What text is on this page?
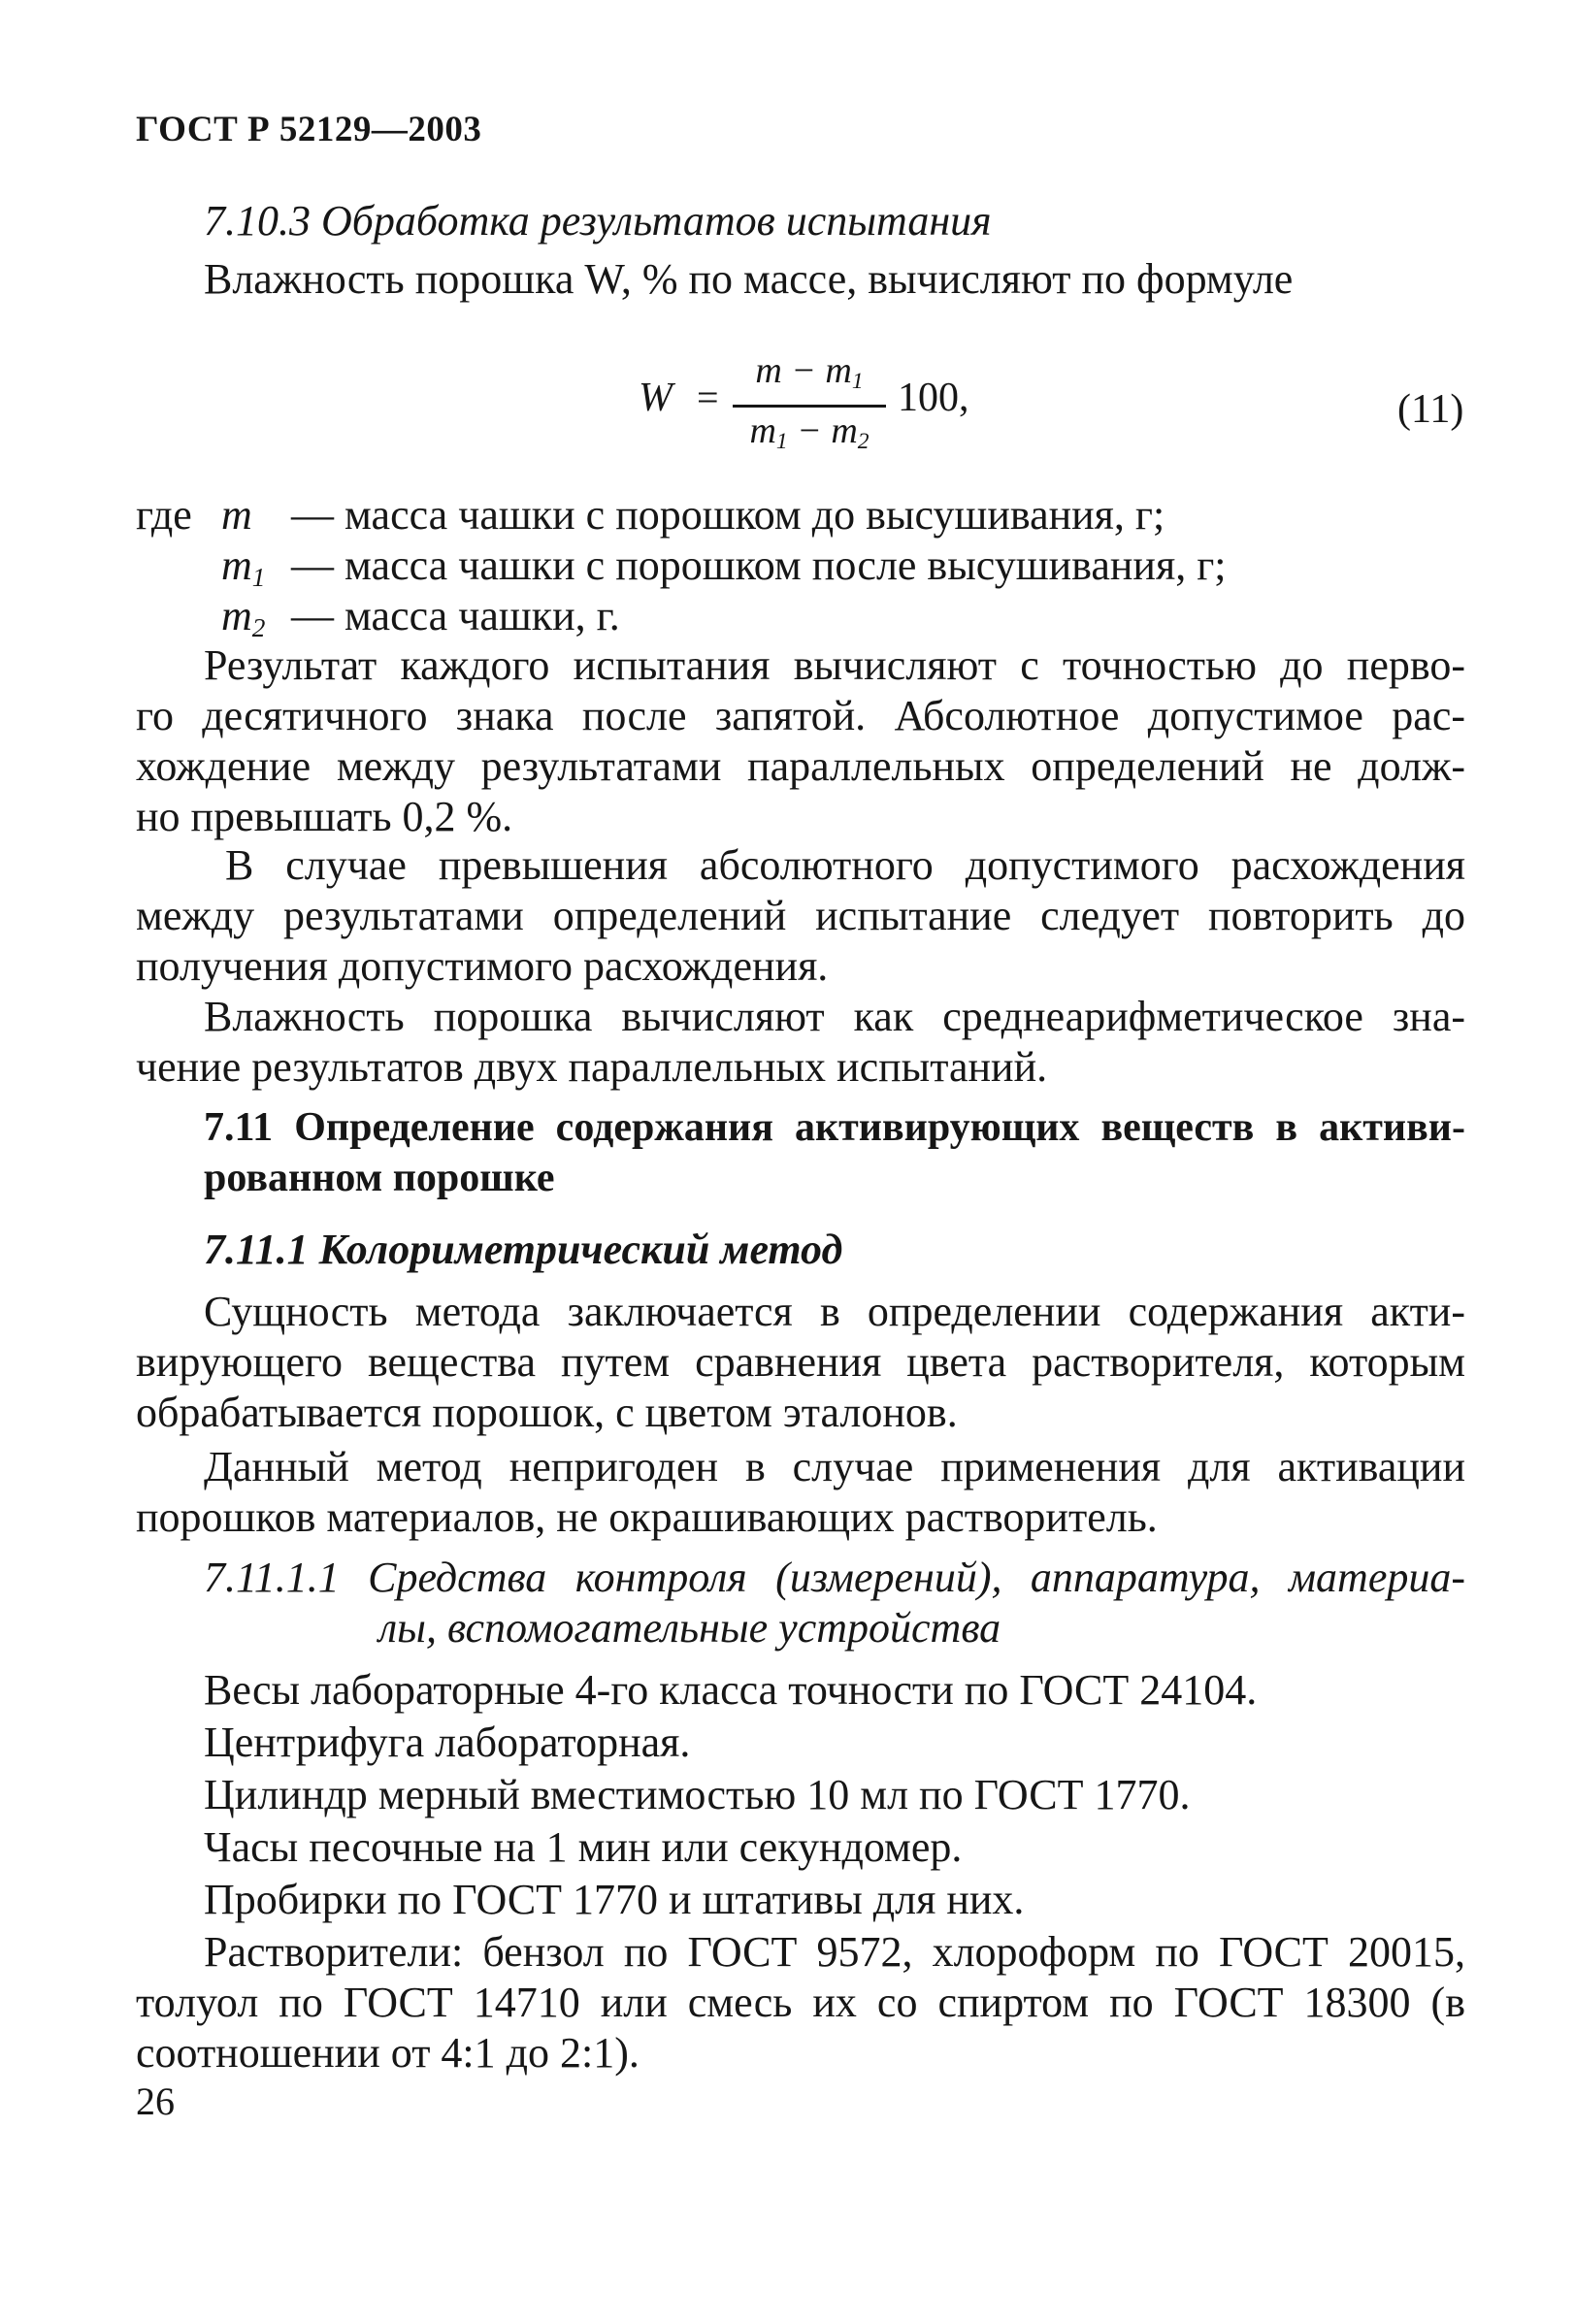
ГОСТ Р 52129—2003
7.10.3 Обработка результатов испытания
Влажность порошка W, % по массе, вычисляют по формуле
W =
$m - m_1$
$m_1 - m_2$
100,	(11)
где m — масса чашки с порошком до высушивания, г;
$m_1$ — масса чашки с порошком после высушивания, г;
$m_2$ — масса чашки, г.
Результат каждого испытания вычисляют с точностью до перво-
го десятичного знака после запятой. Абсолютное допустимое рас-
хождение между результатами параллельных определений не долж-
но превышать 0,2 %.
В случае превышения абсолютного допустимого расхождения
между результатами определений испытание следует повторить до
получения допустимого расхождения.
Влажность порошка вычисляют как среднеарифметическое зна-
чение результатов двух параллельных испытаний.
7.11 Определение содержания активирующих веществ в активи-
рованном порошке
7.11.1 Колориметрический метод
Сущность метода заключается в определении содержания акти-
вирующего вещества путем сравнения цвета растворителя, которым
обрабатывается порошок, с цветом эталонов.
Данный метод непригоден в случае применения для активации
порошков материалов, не окрашивающих растворитель.
7.11.1.1 Средства контроля (измерений), аппаратура, материа-
лы, вспомогательные устройства
Весы лабораторные 4-го класса точности по ГОСТ 24104.
Центрифуга лабораторная.
Цилиндр мерный вместимостью 10 мл по ГОСТ 1770.
Часы песочные на 1 мин или секундомер.
Пробирки по ГОСТ 1770 и штативы для них.
Растворители: бензол по ГОСТ 9572, хлороформ по ГОСТ 20015,
толуол по ГОСТ 14710 или смесь их со спиртом по ГОСТ 18300 (в
соотношении от 4:1 до 2:1).
26
